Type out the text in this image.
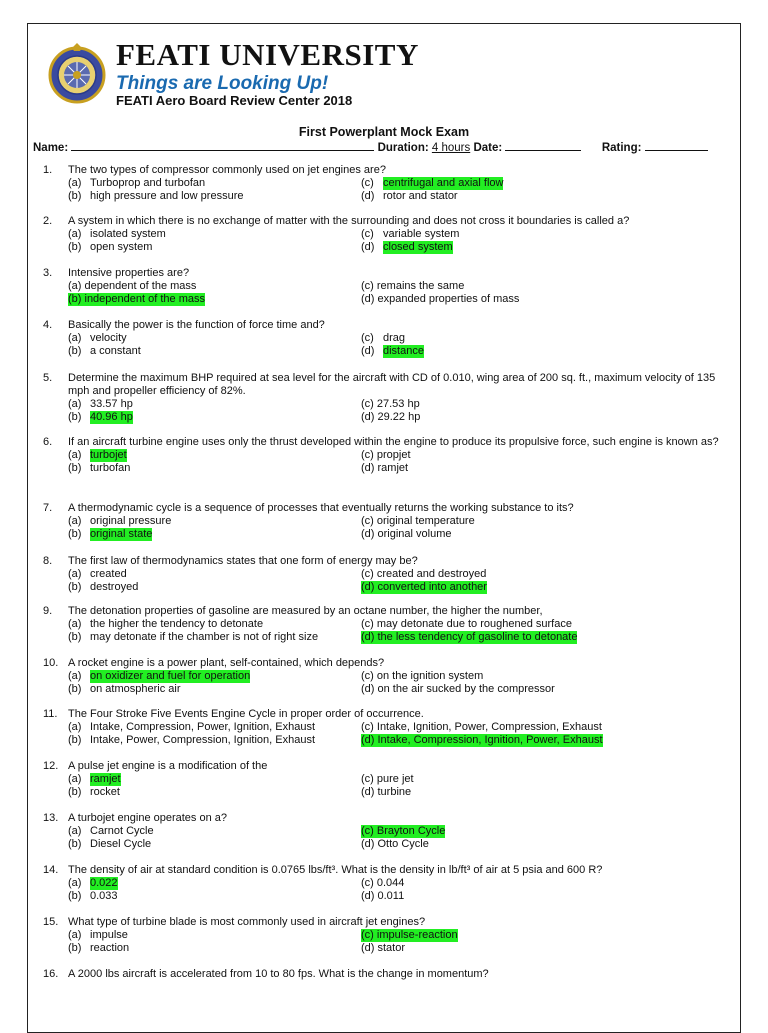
FEATI UNIVERSITY
Things are Looking Up!
FEATI Aero Board Review Center 2018
First Powerplant Mock Exam
Name:	Duration: 4 hours Date:	Rating:
1.	The two types of compressor commonly used on jet engines are?
(a) Turboprop and turbofan	(c) centrifugal and axial flow
(b) high pressure and low pressure	(d) rotor and stator
2.	A system in which there is no exchange of matter with the surrounding and does not cross it boundaries is called a?
(a) isolated system	(c) variable system
(b) open system	(d) closed system
3.	Intensive properties are?
(a) dependent of the mass	(c) remains the same
(b) independent of the mass	(d) expanded properties of mass
4.	Basically the power is the function of force time and?
(a) velocity	(c) drag
(b) a constant	(d) distance
5.	Determine the maximum BHP required at sea level for the aircraft with CD of 0.010, wing area of 200 sq. ft., maximum velocity of 135 mph and propeller efficiency of 82%.
(a) 33.57 hp	(c) 27.53 hp
(b) 40.96 hp	(d) 29.22 hp
6.	If an aircraft turbine engine uses only the thrust developed within the engine to produce its propulsive force, such engine is known as?
(a) turbojet	(c) propjet
(b) turbofan	(d) ramjet
7.	A thermodynamic cycle is a sequence of processes that eventually returns the working substance to its?
(a) original pressure	(c) original temperature
(b) original state	(d) original volume
8.	The first law of thermodynamics states that one form of energy may be?
(a) created	(c) created and destroyed
(b) destroyed	(d) converted into another
9.	The detonation properties of gasoline are measured by an octane number, the higher the number,
(a) the higher the tendency to detonate	(c) may detonate due to roughened surface
(b) may detonate if the chamber is not of right size	(d) the less tendency of gasoline to detonate
10. A rocket engine is a power plant, self-contained, which depends?
(a) on oxidizer and fuel for operation	(c) on the ignition system
(b) on atmospheric air	(d) on the air sucked by the compressor
11. The Four Stroke Five Events Engine Cycle in proper order of occurrence.
(a) Intake, Compression, Power, Ignition, Exhaust	(c) Intake, Ignition, Power, Compression, Exhaust
(b) Intake, Power, Compression, Ignition, Exhaust	(d) Intake, Compression, Ignition, Power, Exhaust
12. A pulse jet engine is a modification of the
(a) ramjet	(c) pure jet
(b) rocket	(d) turbine
13. A turbojet engine operates on a?
(a) Carnot Cycle	(c) Brayton Cycle
(b) Diesel Cycle	(d) Otto Cycle
14. The density of air at standard condition is 0.0765 lbs/ft³. What is the density in lb/ft³ of air at 5 psia and 600 R?
(a) 0.022	(c) 0.044
(b) 0.033	(d) 0.011
15. What type of turbine blade is most commonly used in aircraft jet engines?
(a) impulse	(c) impulse-reaction
(b) reaction	(d) stator
16. A 2000 lbs aircraft is accelerated from 10 to 80 fps. What is the change in momentum?
